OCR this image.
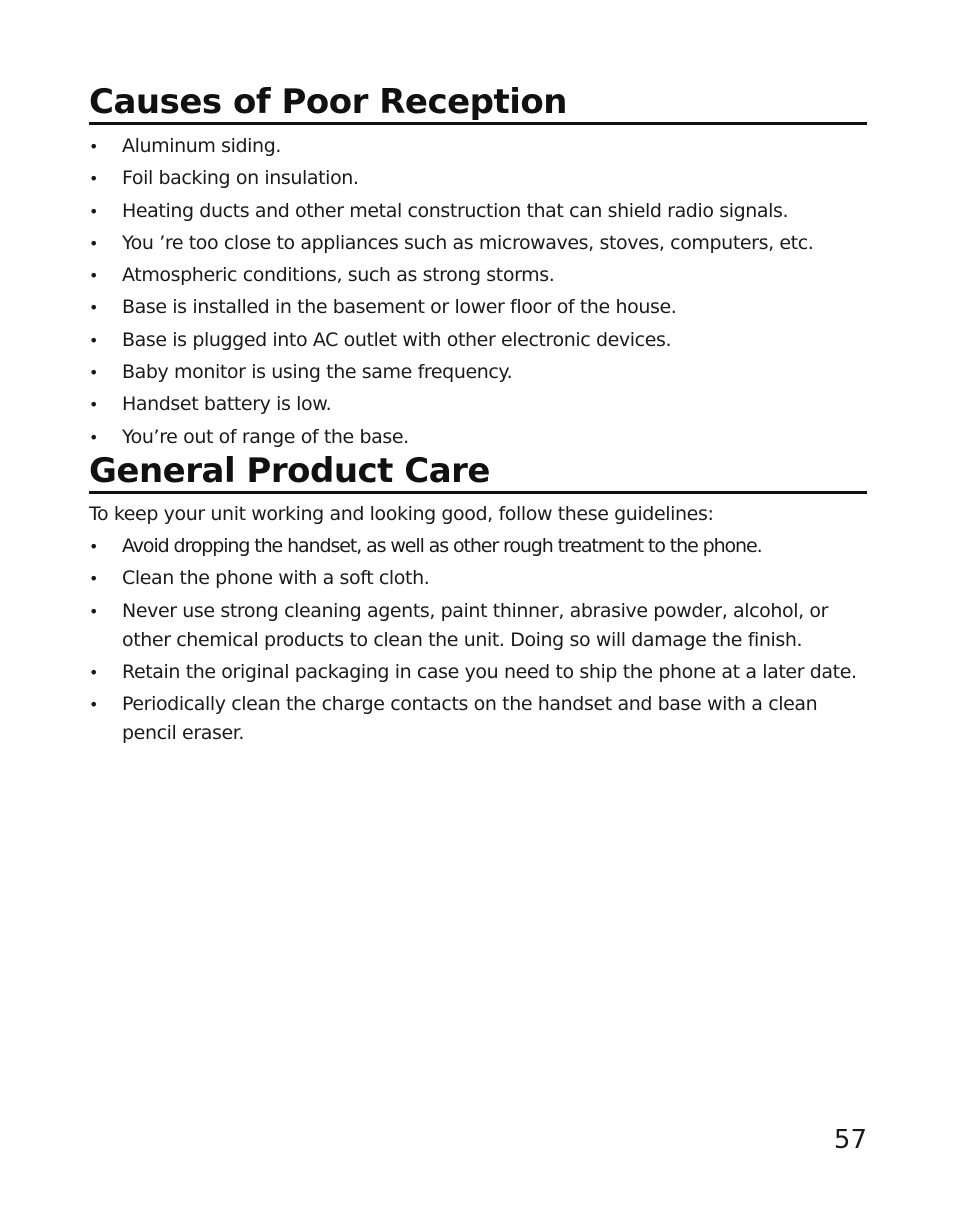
Causes of Poor Reception
• Aluminum siding.
• Foil backing on insulation.
• Heating ducts and other metal construction that can shield radio signals.
• You ’re too close to appliances such as microwaves, stoves, computers, etc.
• Atmospheric conditions, such as strong storms.
• Base is installed in the basement or lower floor of the house.
• Base is plugged into AC outlet with other electronic devices.
• Baby monitor is using the same frequency.
• Handset battery is low.
• You’re out of range of the base.
General Product Care

To keep your unit working and looking good, follow these guidelines:

• Avoid dropping the handset, as well as other rough treatment to the phone.
• Clean the phone with a soft cloth.
• Never use strong cleaning agents, paint thinner, abrasive powder, alcohol, or other chemical products to clean the unit. Doing so will damage the finish.
• Retain the original packaging in case you need to ship the phone at a later date.
• Periodically clean the charge contacts on the handset and base with a clean pencil eraser.
57
